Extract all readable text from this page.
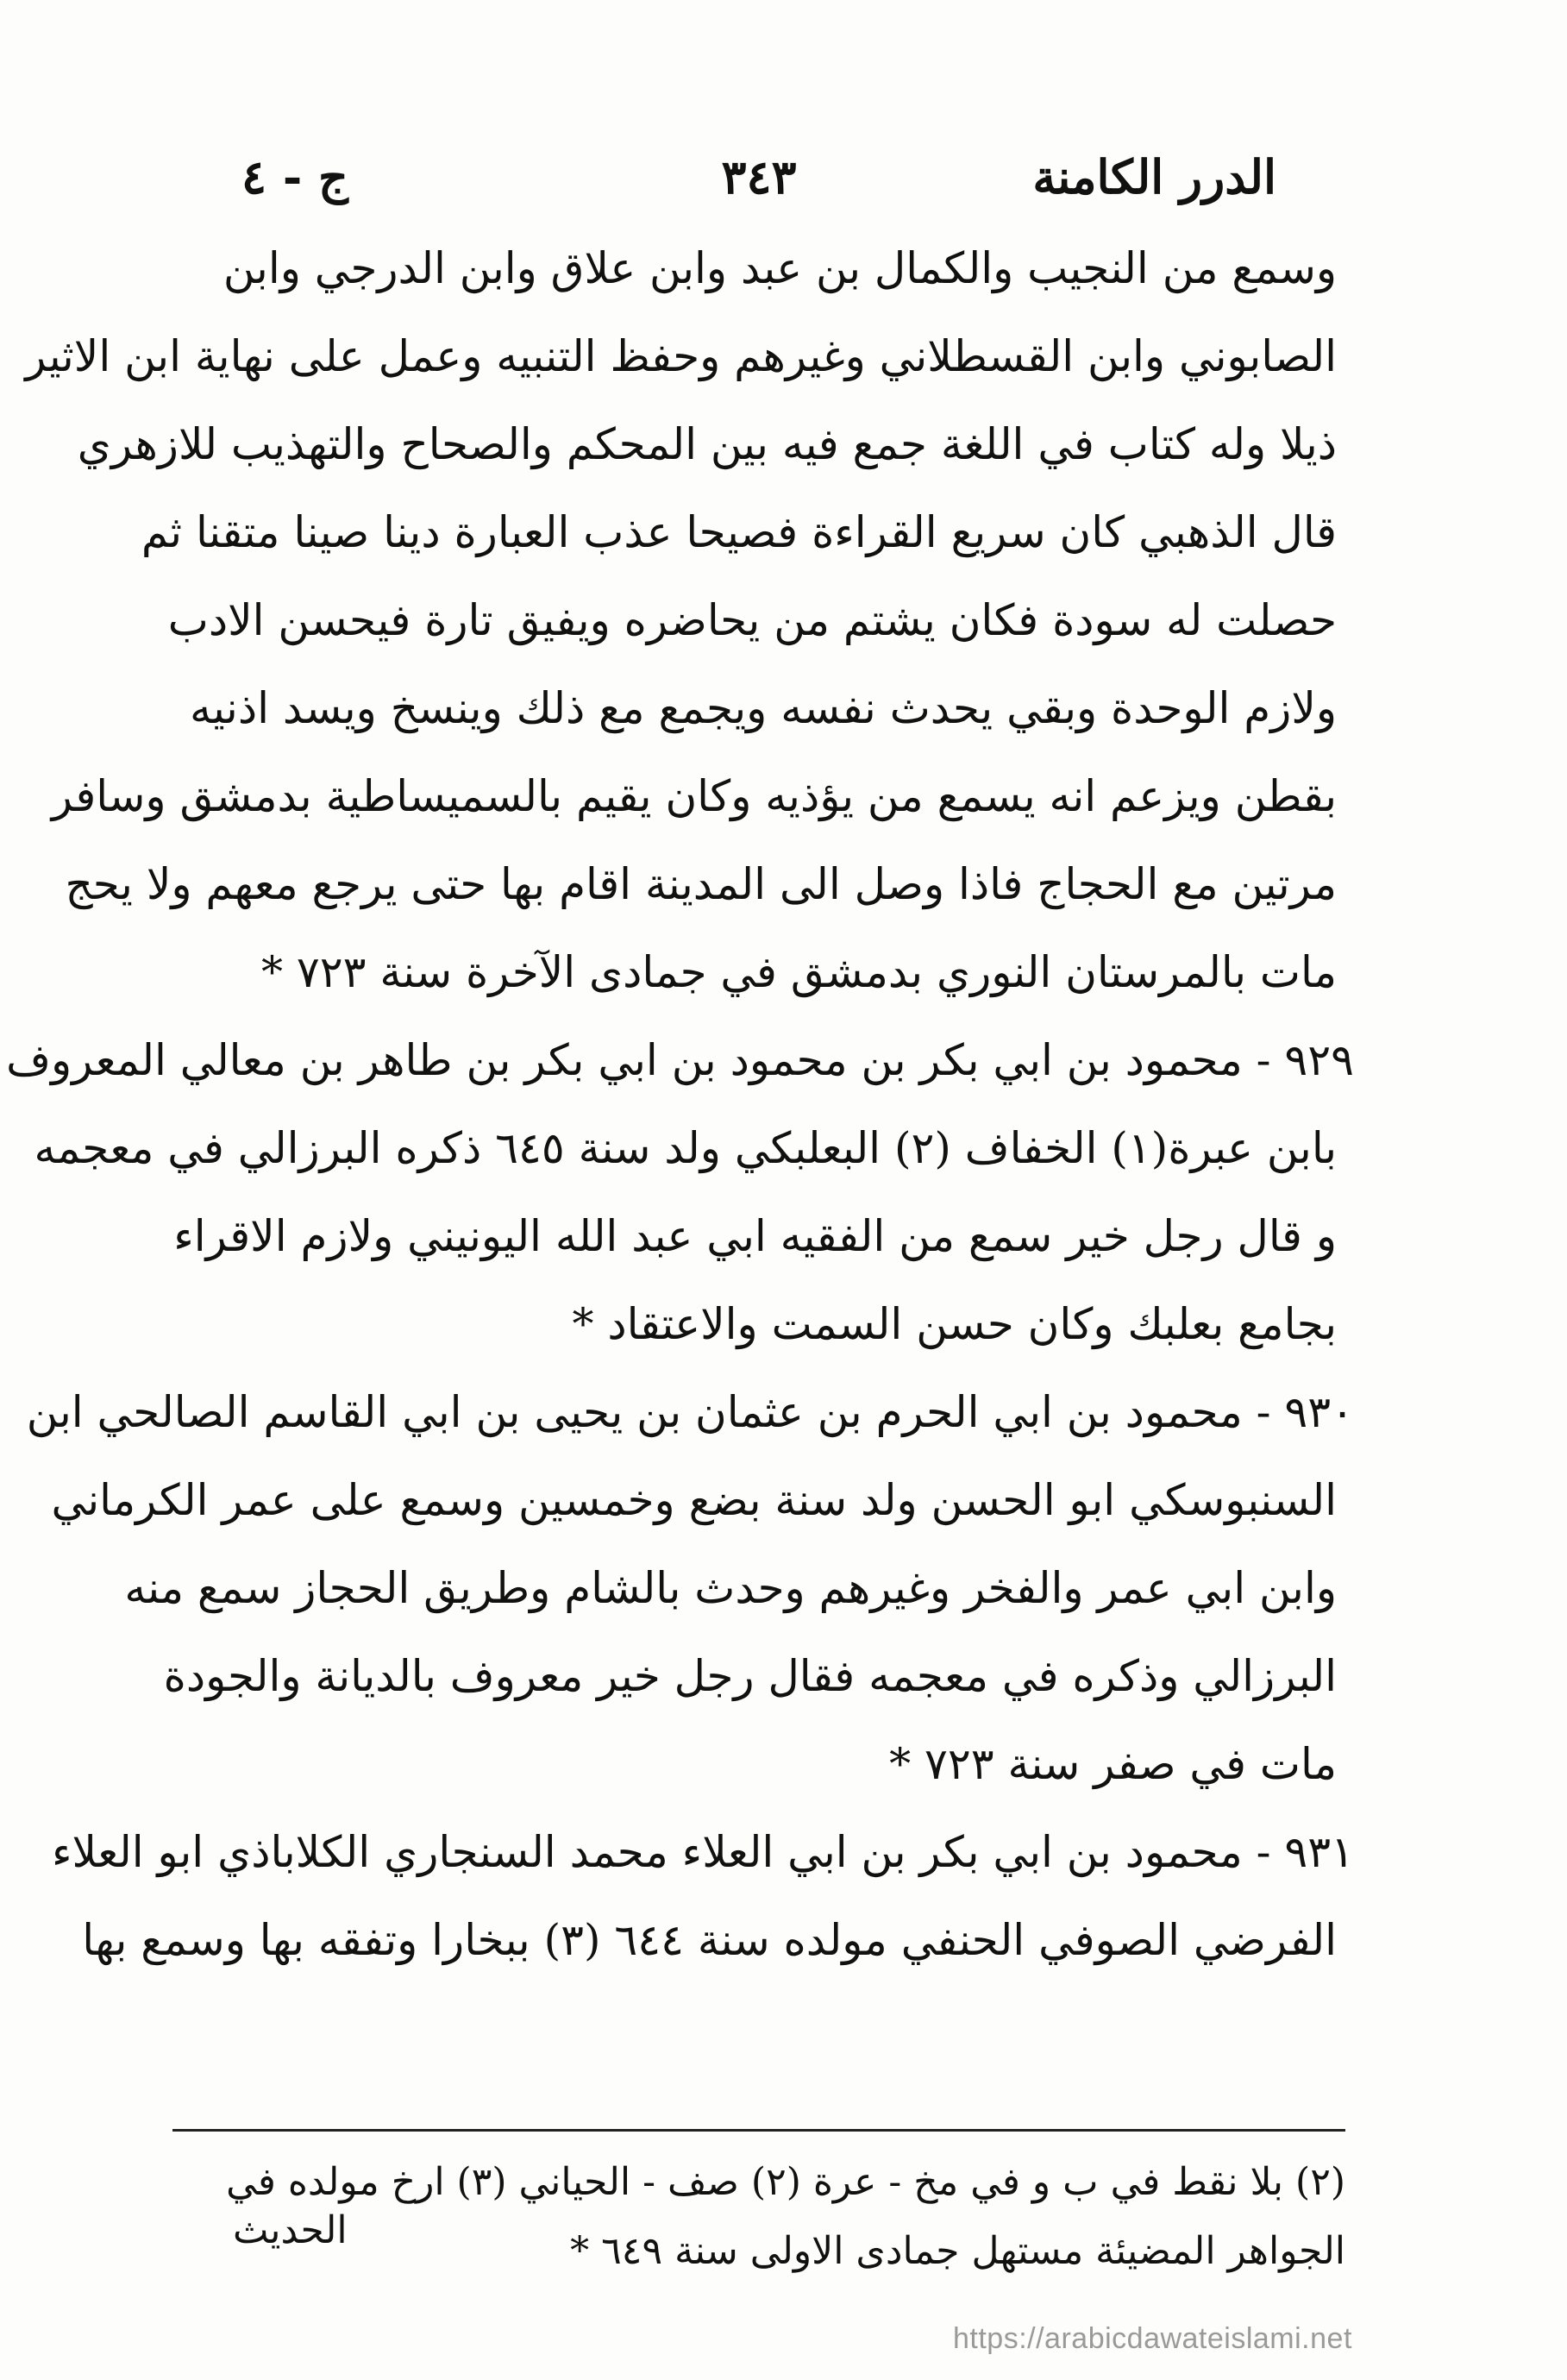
الدرر الكامنة
٣٤٣
ج - ٤
وسمع من النجيب والكمال بن عبد وابن علاق وابن الدرجي وابن
الصابوني وابن القسطلاني وغيرهم وحفظ التنبيه وعمل على نهاية ابن الاثير
ذيلا وله كتاب في اللغة جمع فيه بين المحكم والصحاح والتهذيب للازهري
قال الذهبي كان سريع القراءة فصيحا عذب العبارة دينا صينا متقنا ثم
حصلت له سودة فكان يشتم من يحاضره ويفيق تارة فيحسن الادب
ولازم الوحدة وبقي يحدث نفسه ويجمع مع ذلك وينسخ ويسد اذنيه
بقطن ويزعم انه يسمع من يؤذيه وكان يقيم بالسميساطية بدمشق وسافر
مرتين مع الحجاج فاذا وصل الى المدينة اقام بها حتى يرجع معهم ولا يحج
مات بالمرستان النوري بدمشق في جمادى الآخرة سنة ٧٢٣ *
٩٢٩ - محمود بن ابي بكر بن محمود بن ابي بكر بن طاهر بن معالي المعروف
بابن عبرة(١) الخفاف (٢) البعلبكي ولد سنة ٦٤٥ ذكره البرزالي في معجمه
و قال رجل خير سمع من الفقيه ابي عبد الله اليونيني ولازم الاقراء
بجامع بعلبك وكان حسن السمت والاعتقاد *
٩٣٠ - محمود بن ابي الحرم بن عثمان بن يحيى بن ابي القاسم الصالحي ابن
السنبوسكي ابو الحسن ولد سنة بضع وخمسين وسمع على عمر الكرماني
وابن ابي عمر والفخر وغيرهم وحدث بالشام وطريق الحجاز سمع منه
البرزالي وذكره في معجمه فقال رجل خير معروف بالديانة والجودة
مات في صفر سنة ٧٢٣ *
٩٣١ - محمود بن ابي بكر بن ابي العلاء محمد السنجاري الكلاباذي ابو العلاء
الفرضي الصوفي الحنفي مولده سنة ٦٤٤ (٣) ببخارا وتفقه بها وسمع بها
(٢) بلا نقط في ب و في مخ - عرة (٢) صف - الحياني (٣) ارخ مولده في
الجواهر المضيئة مستهل جمادى الاولى سنة ٦٤٩ *
الحديث
https://arabicdawateislami.net
